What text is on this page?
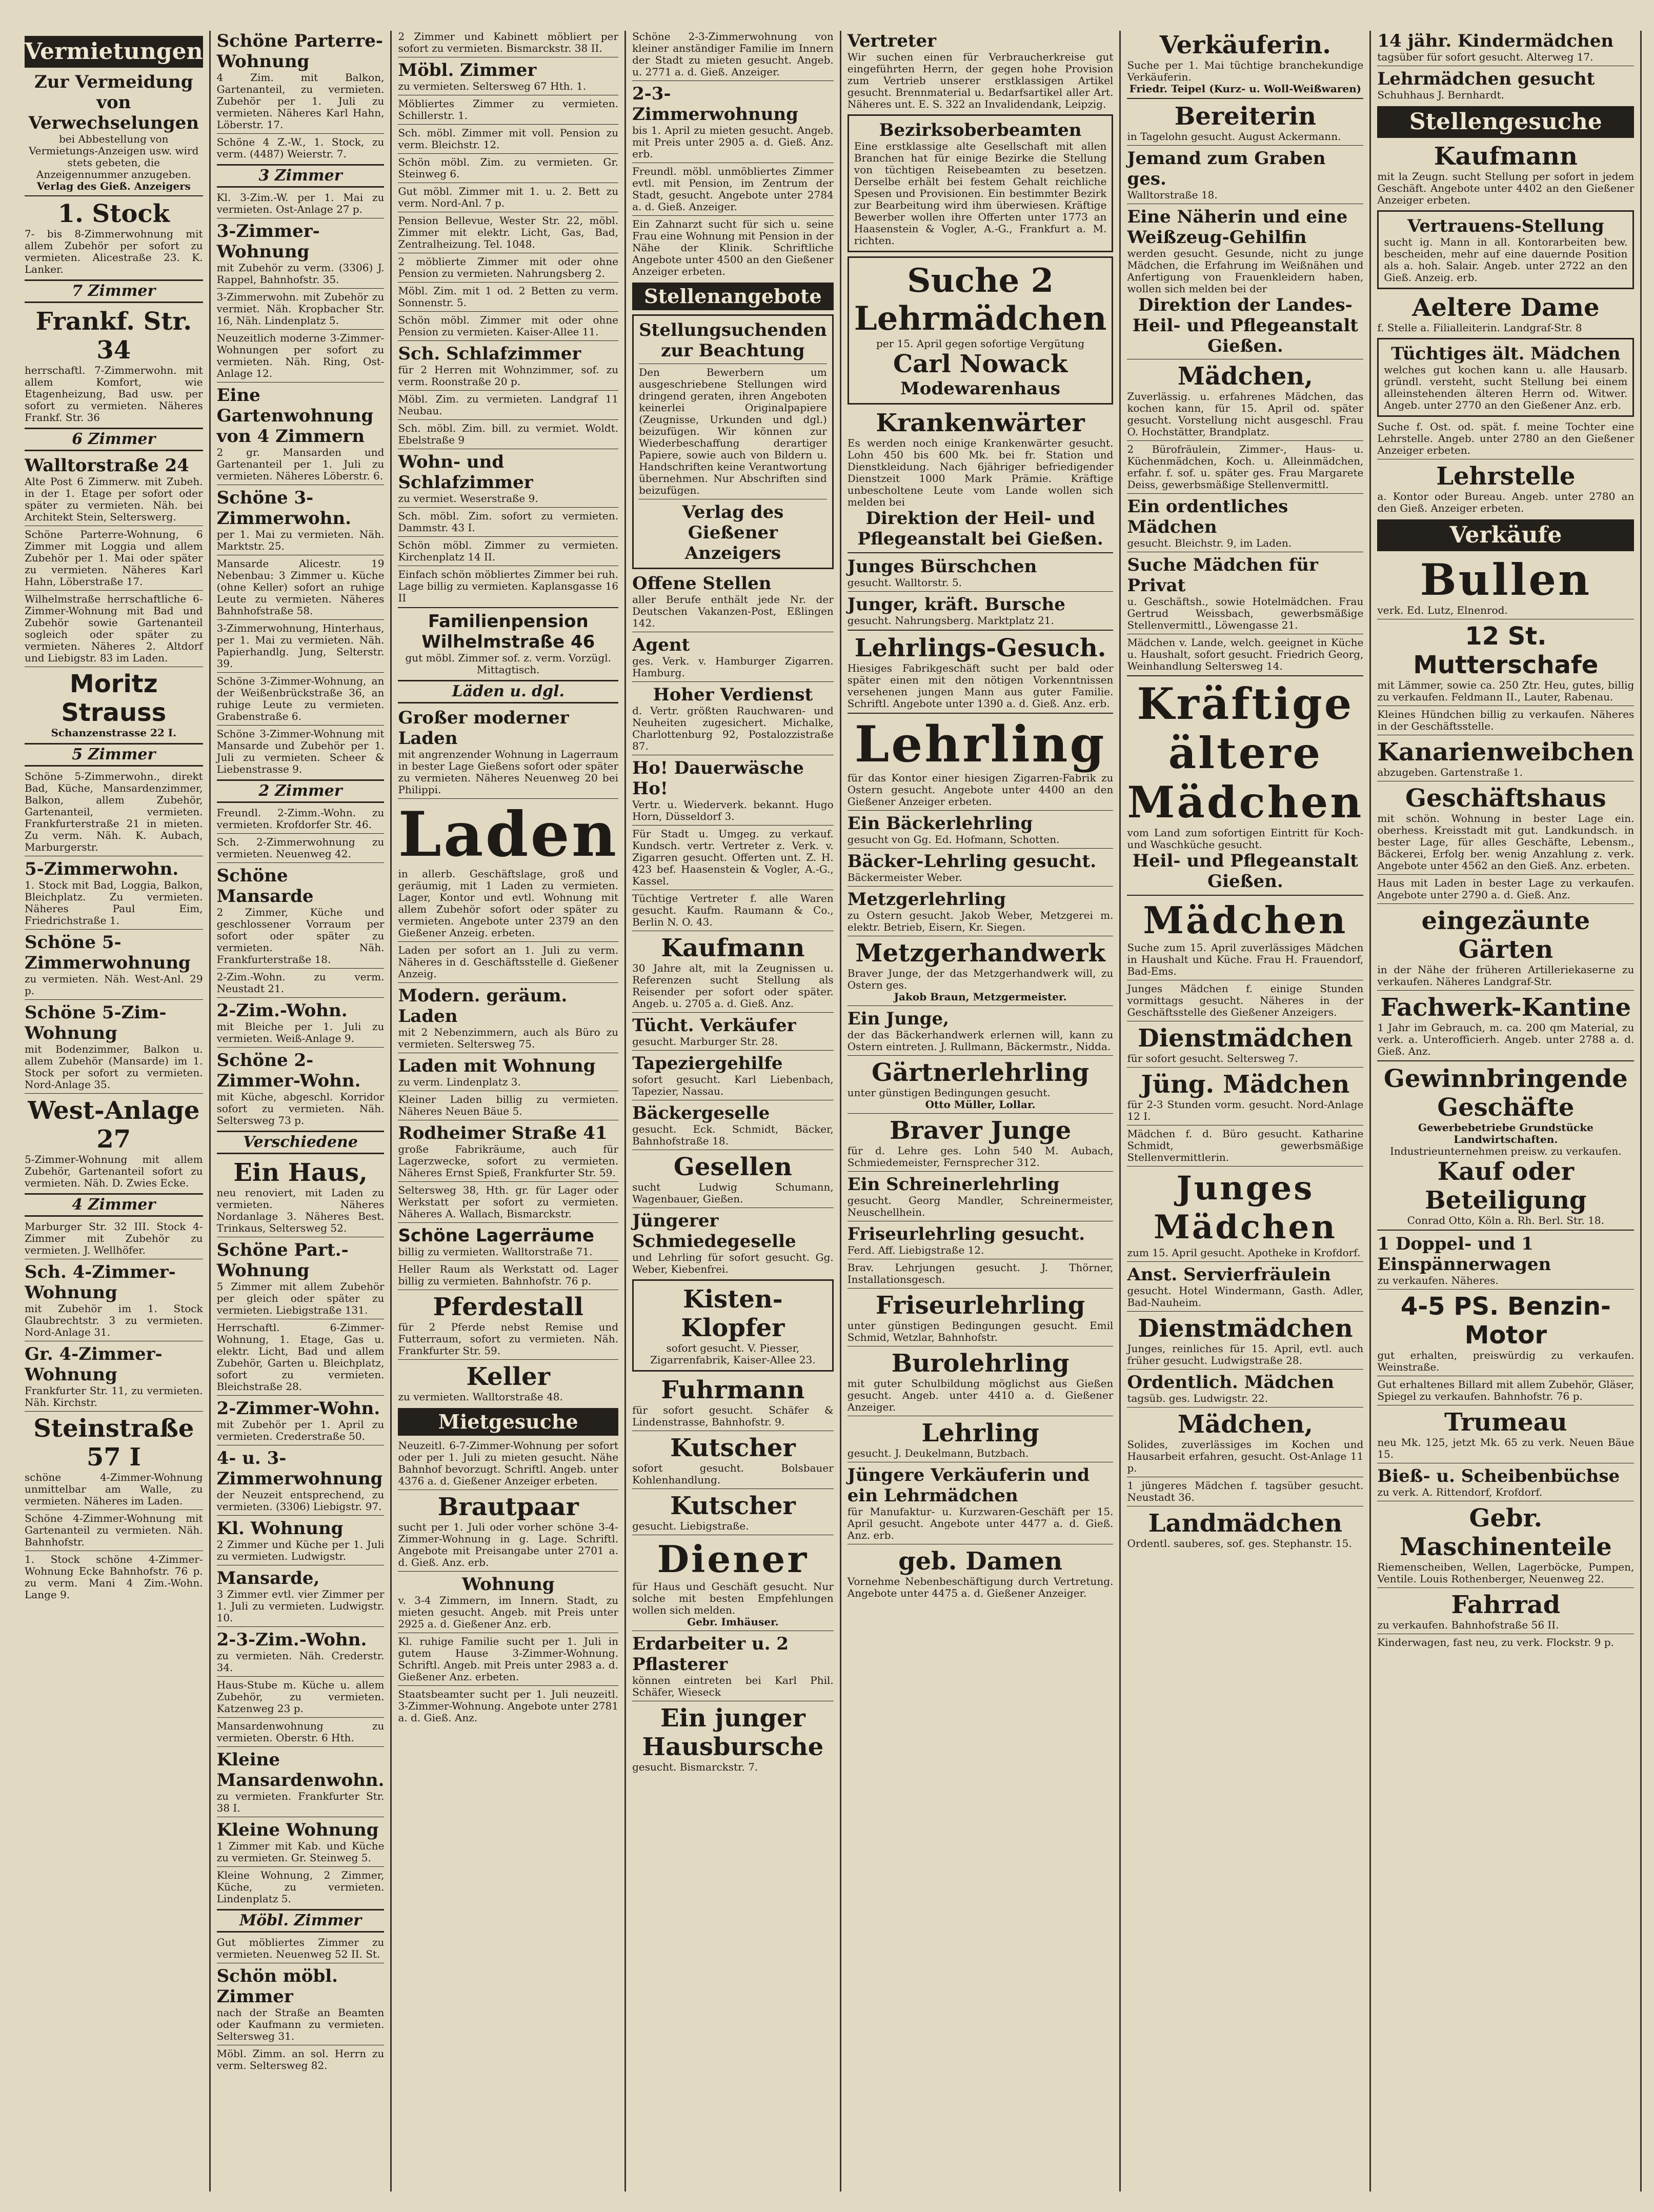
Vermietungen
Zur Vermeidung von Verwechselungen
bei Abbestellung von Vermietungs-Anzeigen usw. wird stets gebeten, die Anzeigennummer anzugeben.
Verlag des Gieß. Anzeigers
1. Stock
7- bis 8-Zimmerwohnung mit allem Zubehör per sofort zu vermieten. Alicestraße 23. K. Lanker.
7 Zimmer
Frankf. Str. 34
herrschaftl. 7-Zimmerwohn. mit allem Komfort, wie Etagenheizung, Bad usw. per sofort zu vermieten. Näheres Frankf. Str. 36
6 Zimmer
Walltorstraße 24
Alte Post 6 Zimmerw. mit Zubeh. in der 1. Etage per sofort oder später zu vermieten. Näh. bei Architekt Stein, Selterswerg.
Schöne Parterre-Wohnung, 6 Zimmer mit Loggia und allem Zubehör per 1. Mai oder später zu vermieten. Näheres Karl Hahn, Löberstraße 17.
Wilhelmstraße herrschaftliche 6-Zimmer-Wohnung mit Bad und Zubehör sowie Gartenanteil sogleich oder später zu vermieten. Näheres 2. Altdorf und Liebigstr. 83 im Laden.
Moritz Strauss
Schanzenstrasse 22 I.
5 Zimmer
Schöne 5-Zimmerwohn., direkt Bad, Küche, Mansardenzimmer, Balkon, allem Zubehör, Gartenanteil, vermieten. Frankfurterstraße 21 in mieten. Zu verm. Näh. K. Aubach, Marburgerstr.
5-Zimmerwohn.
1. Stock mit Bad, Loggia, Balkon, Bleichplatz. Zu vermieten. Näheres Paul Eim, Friedrichstraße 1.
Schöne 5-Zimmerwohnung
zu vermieten. Näh. West-Anl. 29 p.
Schöne 5-Zim-Wohnung
mit Bodenzimmer, Balkon u. allem Zubehör (Mansarde) im 1. Stock per sofort zu vermieten. Nord-Anlage 35.
West-Anlage 27
5-Zimmer-Wohnung mit allem Zubehör, Gartenanteil sofort zu vermieten. Näh. D. Zwies Ecke.
4 Zimmer
Marburger Str. 32 III. Stock 4-Zimmer mit Zubehör zu vermieten. J. Wellhöfer.
Sch. 4-Zimmer-Wohnung
mit Zubehör im 1. Stock Glaubrechtstr. 3 zu vermieten. Nord-Anlage 31.
Gr. 4-Zimmer-Wohnung
Frankfurter Str. 11, zu vermieten. Näh. Kirchstr.
Steinstraße 57 I
schöne 4-Zimmer-Wohnung unmittelbar am Walle, zu vermieten. Näheres im Laden.
Schöne 4-Zimmer-Wohnung mit Gartenanteil zu vermieten. Näh. Bahnhofstr.
1. Stock schöne 4-Zimmer-Wohnung Ecke Bahnhofstr. 76 p. zu verm. Mani 4 Zim.-Wohn. Lange 9.
Schöne Parterre-Wohnung
4 Zim. mit Balkon, Gartenanteil, zu vermieten. Zubehör per 1. Juli zu vermieten. Näheres Karl Hahn, Löberstr. 17.
Schöne 4 Z.-W., 1. Stock, zu verm. (4487) Weierstr. 7.
3 Zimmer
Kl. 3-Zim.-W. per 1. Mai zu vermieten. Ost-Anlage 27 p.
3-Zimmer-Wohnung
mit Zubehör zu verm. (3306) J. Rappel, Bahnhofstr. 35.
3-Zimmerwohn. mit Zubehör zu vermiet. Näh. Kropbacher Str. 16, Näh. Lindenplatz 5.
Neuzeitlich moderne 3-Zimmer-Wohnungen per sofort zu vermieten. Näh. Ring, Ost-Anlage 12.
Eine Gartenwohnung von 4 Zimmern
2 gr. Mansarden und Gartenanteil per 1. Juli zu vermieten. Näheres Löberstr. 6.
Schöne 3-Zimmerwohn.
per 1. Mai zu vermieten. Näh. Marktstr. 25.
Mansarde Alicestr. 19 Nebenbau: 3 Zimmer u. Küche (ohne Keller) sofort an ruhige Leute zu vermieten. Näheres Bahnhofstraße 58.
3-Zimmerwohnung, Hinterhaus, per 1. Mai zu vermieten. Näh. Papierhandlg. Jung, Selterstr. 39.
Schöne 3-Zimmer-Wohnung, an der Weißenbrückstraße 36, an ruhige Leute zu vermieten. Grabenstraße 6.
Schöne 3-Zimmer-Wohnung mit Mansarde und Zubehör per 1. Juli zu vermieten. Scheer & Liebenstrasse 9.
2 Zimmer
Freundl. 2-Zimm.-Wohn. zu vermieten. Krofdorfer Str. 46.
Sch. 2-Zimmerwohnung zu vermieten. Neuenweg 42.
Schöne Mansarde
2 Zimmer, Küche und geschlossener Vorraum per sofort oder später zu vermieten. Näh. Frankfurterstraße 18.
2-Zim.-Wohn. zu verm. Neustadt 21.
2-Zim.-Wohn.
mit Bleiche per 1. Juli zu vermieten. Weiß-Anlage 9.
Schöne 2-Zimmer-Wohn.
mit Küche, abgeschl. Korridor sofort zu vermieten. Näh. Seltersweg 73 p.
Verschiedene
Ein Haus,
neu renoviert, mit Laden zu vermieten. Näheres Nordanlage 3. Näheres Best. Trinkaus, Seltersweg 52.
Schöne Part.-Wohnung
5 Zimmer mit allem Zubehör per gleich oder später zu vermieten. Liebigstraße 131.
Herrschaftl. 6-Zimmer-Wohnung, 1. Etage, Gas u. elektr. Licht, Bad und allem Zubehör, Garten u. Bleichplatz, sofort zu vermieten. Bleichstraße 28.
2-Zimmer-Wohn.
mit Zubehör per 1. April zu vermieten. Crederstraße 50.
4- u. 3-Zimmerwohnung
der Neuzeit entsprechend, zu vermieten. (3306) Liebigstr. 97.
Kl. Wohnung
2 Zimmer und Küche per 1. Juli zu vermieten. Ludwigstr.
Mansarde,
3 Zimmer evtl. vier Zimmer per 1. Juli zu vermieten. Ludwigstr. 10.
2-3-Zim.-Wohn.
zu vermieten. Näh. Crederstr. 34.
Haus-Stube m. Küche u. allem Zubehör, zu vermieten. Katzenweg 23 p.
Mansardenwohnung zu vermieten. Oberstr. 6 Hth.
Kleine Mansardenwohn.
zu vermieten. Frankfurter Str. 38 I.
Kleine Wohnung
1 Zimmer mit Kab. und Küche zu vermieten. Gr. Steinweg 5.
Kleine Wohnung, 2 Zimmer, Küche, zu vermieten. Lindenplatz 5.
Möbl. Zimmer
Gut möbliertes Zimmer zu vermieten. Neuenweg 52 II. St.
Schön möbl. Zimmer
nach der Straße an Beamten oder Kaufmann zu vermieten. Seltersweg 31.
Möbl. Zimm. an sol. Herrn zu verm. Seltersweg 82.
2 Zimmer und Kabinett möbliert per sofort zu vermieten. Bismarckstr. 38 II.
Möbl. Zimmer
zu vermieten. Seltersweg 67 Hth. 1.
Möbliertes Zimmer zu vermieten. Schillerstr. 1.
Sch. möbl. Zimmer mit voll. Pension zu verm. Bleichstr. 12.
Schön möbl. Zim. zu vermieten. Gr. Steinweg 6.
Gut möbl. Zimmer mit 1. u. 2. Bett zu verm. Nord-Anl. 7 p.
Pension Bellevue, Wester Str. 22, möbl. Zimmer mit elektr. Licht, Gas, Bad, Zentralheizung. Tel. 1048.
2 möblierte Zimmer mit oder ohne Pension zu vermieten. Nahrungsberg 2.
Möbl. Zim. mit 1 od. 2 Betten zu verm. Sonnenstr. 5.
Schön möbl. Zimmer mit oder ohne Pension zu vermieten. Kaiser-Allee 11.
Sch. Schlafzimmer
für 2 Herren mit Wohnzimmer, sof. zu verm. Roonstraße 20 p.
Möbl. Zim. zu vermieten. Landgraf 11 Neubau.
Sch. möbl. Zim. bill. zu vermiet. Woldt. Ebelstraße 9
Wohn- und Schlafzimmer
zu vermiet. Weserstraße 9.
Sch. möbl. Zim. sofort zu vermieten. Dammstr. 43 I.
Schön möbl. Zimmer zu vermieten. Kirchenplatz 14 II.
Einfach schön möbliertes Zimmer bei ruh. Lage billig zu vermieten. Kaplansgasse 16 II
Familienpension Wilhelmstraße 46
gut möbl. Zimmer sof. z. verm. Vorzügl. Mittagtisch.
Läden u. dgl.
Großer moderner Laden
mit angrenzender Wohnung in Lagerraum in bester Lage Gießens sofort oder später zu vermieten. Näheres Neuenweg 20 bei Philippi.
Laden
in allerb. Geschäftslage, groß und geräumig, mit 1 Laden zu vermieten. Lager, Kontor und evtl. Wohnung mit allem Zubehör sofort oder später zu vermieten. Angebote unter 2379 an den Gießener Anzeig. erbeten.
Laden per sofort an 1. Juli zu verm. Näheres in d. Geschäftsstelle d. Gießener Anzeig.
Modern. geräum. Laden
mit 2 Nebenzimmern, auch als Büro zu vermieten. Seltersweg 75.
Laden mit Wohnung
zu verm. Lindenplatz 3.
Kleiner Laden billig zu vermieten. Näheres Neuen Bäue 5.
Rodheimer Straße 41
große Fabrikräume, auch für Lagerzwecke, sofort zu vermieten. Näheres Ernst Spieß, Frankfurter Str. 59.
Seltersweg 38, Hth. gr. für Lager oder Werkstatt per sofort zu vermieten. Näheres A. Wallach, Bismarckstr.
Schöne Lagerräume
billig zu vermieten. Walltorstraße 71.
Heller Raum als Werkstatt od. Lager billig zu vermieten. Bahnhofstr. 76 p.
Pferdestall
für 2 Pferde nebst Remise und Futterraum, sofort zu vermieten. Näh. Frankfurter Str. 59.
Keller
zu vermieten. Walltorstraße 48.
Mietgesuche
Neuzeitl. 6-7-Zimmer-Wohnung per sofort oder per 1. Juli zu mieten gesucht. Nähe Bahnhof bevorzugt. Schriftl. Angeb. unter 4376 a. d. Gießener Anzeiger erbeten.
Brautpaar
sucht per 1. Juli oder vorher schöne 3-4-Zimmer-Wohnung in g. Lage. Schriftl. Angebote mit Preisangabe unter 2701 a. d. Gieß. Anz. erb.
Wohnung
v. 3-4 Zimmern, im Innern. Stadt, zu mieten gesucht. Angeb. mit Preis unter 2925 a. d. Gießener Anz. erb.
Kl. ruhige Familie sucht per 1. Juli in gutem Hause 3-Zimmer-Wohnung. Schriftl. Angeb. mit Preis unter 2983 a. d. Gießener Anz. erbeten.
Staatsbeamter sucht per 1. Juli neuzeitl. 3-Zimmer-Wohnung. Angebote unter 2781 a. d. Gieß. Anz.
Schöne 2-3-Zimmerwohnung von kleiner anständiger Familie im Innern der Stadt zu mieten gesucht. Angeb. u. 2771 a. d. Gieß. Anzeiger.
2-3-Zimmerwohnung
bis 1. April zu mieten gesucht. Angeb. mit Preis unter 2905 a. d. Gieß. Anz. erb.
Freundl. möbl. unmöbliertes Zimmer evtl. mit Pension, im Zentrum der Stadt, gesucht. Angebote unter 2784 a. d. Gieß. Anzeiger.
Ein Zahnarzt sucht für sich u. seine Frau eine Wohnung mit Pension in der Nähe der Klinik. Schriftliche Angebote unter 4500 an den Gießener Anzeiger erbeten.
Stellenangebote
Stellungsuchenden zur Beachtung
Den Bewerbern um ausgeschriebene Stellungen wird dringend geraten, ihren Angeboten keinerlei Originalpapiere (Zeugnisse, Urkunden und dgl.) beizufügen. Wir können zur Wiederbeschaffung derartiger Papiere, sowie auch von Bildern u. Handschriften keine Verantwortung übernehmen. Nur Abschriften sind beizufügen.
Verlag des Gießener Anzeigers
Offene Stellen
aller Berufe enthält jede Nr. der Deutschen Vakanzen-Post, Eßlingen 142.
Agent
ges. Verk. v. Hamburger Zigarren. Hamburg.
Hoher Verdienst
d. Vertr. größten Rauchwaren- und Neuheiten zugesichert. Michalke, Charlottenburg 92, Postalozzistraße 87.
Ho! Dauerwäsche Ho!
Vertr. u. Wiederverk. bekannt. Hugo Horn, Düsseldorf 3.
Für Stadt u. Umgeg. zu verkauf. Kundsch. vertr. Vertreter z. Verk. v. Zigarren gesucht. Offerten unt. Z. H. 423 bef. Haasenstein & Vogler, A.-G., Kassel.
Tüchtige Vertreter f. alle Waren gesucht. Kaufm. Raumann & Co., Berlin N. O. 43.
Kaufmann
30 Jahre alt, mit la Zeugnissen u. Referenzen sucht Stellung als Reisender per sofort oder später. Angeb. u. 2705 a. d. Gieß. Anz.
Tücht. Verkäufer
gesucht. Marburger Str. 28.
Tapeziergehilfe
sofort gesucht. Karl Liebenbach, Tapezier, Nassau.
Bäckergeselle
gesucht. Eck. Schmidt, Bäcker, Bahnhofstraße 18.
Gesellen
sucht Ludwig Schumann, Wagenbauer, Gießen.
Jüngerer Schmiedegeselle
und Lehrling für sofort gesucht. Gg. Weber, Kiebenfrei.
Kisten-Klopfer
sofort gesucht. V. Piesser, Zigarrenfabrik, Kaiser-Allee 23.
Fuhrmann
für sofort gesucht. Schäfer & Lindenstrasse, Bahnhofstr. 9.
Kutscher
sofort gesucht. Bolsbauer Kohlenhandlung.
Kutscher
gesucht. Liebigstraße.
Diener
für Haus und Geschäft gesucht. Nur solche mit besten Empfehlungen wollen sich melden.
Gebr. Imhäuser.
Erdarbeiter u. 2 Pflasterer
können eintreten bei Karl Phil. Schäfer, Wieseck
Ein junger Hausbursche
gesucht. Bismarckstr. 7.
Vertreter
Wir suchen einen für Verbraucherkreise gut eingeführten Herrn, der gegen hohe Provision zum Vertrieb unserer erstklassigen Artikel gesucht. Brennmaterial u. Bedarfsartikel aller Art. Näheres unt. E. S. 322 an Invalidendank, Leipzig.
Bezirksoberbeamten
Eine erstklassige alte Gesellschaft mit allen Branchen hat für einige Bezirke die Stellung von tüchtigen Reisebeamten zu besetzen. Derselbe erhält bei festem Gehalt reichliche Spesen und Provisionen. Ein bestimmter Bezirk zur Bearbeitung wird ihm überwiesen. Kräftige Bewerber wollen ihre Offerten unter 1773 an Haasenstein & Vogler, A.-G., Frankfurt a. M. richten.
Suche 2 Lehrmädchen
per 15. April gegen sofortige Vergütung
Carl Nowack
Modewarenhaus
Krankenwärter
Es werden noch einige Krankenwärter gesucht. Lohn 450 bis 600 Mk. bei fr. Station und Dienstkleidung. Nach 6jähriger befriedigender Dienstzeit 1000 Mark Prämie. Kräftige unbescholtene Leute vom Lande wollen sich melden bei
Direktion der Heil- und Pflegeanstalt bei Gießen.
Junges Bürschchen
gesucht. Walltorstr. 5.
Junger, kräft. Bursche
gesucht. Nahrungsberg. Marktplatz 21.
Lehrlings-Gesuch.
Hiesiges Fabrikgeschäft sucht per bald oder später einen mit den nötigen Vorkenntnissen versehenen jungen Mann aus guter Familie. Schriftl. Angebote unter 1390 a. d. Gieß. Anz. erb.
Lehrling
für das Kontor einer hiesigen Zigarren-Fabrik zu Ostern gesucht. Angebote unter 4400 an den Gießener Anzeiger erbeten.
Ein Bäckerlehrling
gesucht von Gg. Ed. Hofmann, Schotten.
Bäcker-Lehrling gesucht.
Bäckermeister Weber.
Metzgerlehrling
zu Ostern gesucht. Jakob Weber, Metzgerei m. elektr. Betrieb, Eisern, Kr. Siegen.
Metzgerhandwerk
Braver Junge, der das Metzgerhandwerk will, zu Ostern ges.
Jakob Braun, Metzgermeister.
Ein Junge,
der das Bäckerhandwerk erlernen will, kann zu Ostern eintreten. J. Rullmann, Bäckermstr., Nidda.
Gärtnerlehrling
unter günstigen Bedingungen gesucht.
Otto Müller, Lollar.
Braver Junge
für d. Lehre ges. Lohn 540 M. Aubach, Schmiedemeister, Fernsprecher 312.
Ein Schreinerlehrling
gesucht. Georg Mandler, Schreinermeister, Neuschellhein.
Friseurlehrling gesucht.
Ferd. Aff. Liebigstraße 12.
Brav. Lehrjungen gesucht. J. Thörner, Installationsgesch.
Friseurlehrling
unter günstigen Bedingungen gesucht. Emil Schmid, Wetzlar, Bahnhofstr.
Burolehrling
mit guter Schulbildung möglichst aus Gießen gesucht. Angeb. unter 4410 a. d. Gießener Anzeiger.
Lehrling
gesucht. J. Deukelmann, Butzbach.
Jüngere Verkäuferin und ein Lehrmädchen
für Manufaktur- u. Kurzwaren-Geschäft per 15. April gesucht. Angebote unter 4477 a. d. Gieß. Anz. erb.
geb. Damen
Vornehme Nebenbeschäftigung durch Vertretung. Angebote unter 4475 a. d. Gießener Anzeiger.
Verkäuferin.
Suche per 1. Mai tüchtige branchekundige Verkäuferin.
Friedr. Teipel (Kurz- u. Woll-Weißwaren)
Bereiterin
in Tagelohn gesucht. August Ackermann.
Jemand zum Graben ges.
Walltorstraße 18.
Eine Näherin und eine Weißzeug-Gehilfin
werden gesucht. Gesunde, nicht zu junge Mädchen, die Erfahrung im Weißnähen und Anfertigung von Frauenkleidern haben, wollen sich melden bei der
Direktion der Landes-Heil- und Pflegeanstalt Gießen.
Mädchen,
Zuverlässig. u. erfahrenes Mädchen, das kochen kann, für 15. April od. später gesucht. Vorstellung nicht ausgeschl. Frau O. Hochstätter, Brandplatz.
2 Bürofräulein, Zimmer-, Haus- u. Küchenmädchen, Koch. u. Alleinmädchen, erfahr. f. sof. u. später ges. Frau Margarete Deiss, gewerbsmäßige Stellenvermittl.
Ein ordentliches Mädchen
gesucht. Bleichstr. 9, im Laden.
Suche Mädchen für Privat
u. Geschäftsh., sowie Hotelmädchen. Frau Gertrud Weissbach, gewerbsmäßige Stellenvermittl., Löwengasse 21.
Mädchen v. Lande, welch. geeignet in Küche u. Haushalt, sofort gesucht. Friedrich Georg, Weinhandlung Seltersweg 14.
Kräftige ältere Mädchen
vom Land zum sofortigen Eintritt für Koch- und Waschküche gesucht.
Heil- und Pflegeanstalt Gießen.
Mädchen
Suche zum 15. April zuverlässiges Mädchen in Haushalt und Küche. Frau H. Frauendorf, Bad-Ems.
Junges Mädchen f. einige Stunden vormittags gesucht. Näheres in der Geschäftsstelle des Gießener Anzeigers.
Dienstmädchen
für sofort gesucht. Seltersweg 7.
Jüng. Mädchen
für 2-3 Stunden vorm. gesucht. Nord-Anlage 12 I.
Mädchen f. d. Büro gesucht. Katharine Schmidt, gewerbsmäßige Stellenvermittlerin.
Junges Mädchen
zum 15. April gesucht. Apotheke in Krofdorf.
Anst. Servierfräulein
gesucht. Hotel Windermann, Gasth. Adler, Bad-Nauheim.
Dienstmädchen
Junges, reinliches für 15. April, evtl. auch früher gesucht. Ludwigstraße 28.
Ordentlich. Mädchen
tagsüb. ges. Ludwigstr. 22.
Mädchen,
Solides, zuverlässiges im Kochen und Hausarbeit erfahren, gesucht. Ost-Anlage 11 p.
1 jüngeres Mädchen f. tagsüber gesucht. Neustadt 36.
Landmädchen
Ordentl. sauberes, sof. ges. Stephanstr. 15.
14 jähr. Kindermädchen
tagsüber für sofort gesucht. Alterweg 17.
Lehrmädchen gesucht
Schuhhaus J. Bernhardt.
Stellengesuche
Kaufmann
mit la Zeugn. sucht Stellung per sofort in jedem Geschäft. Angebote unter 4402 an den Gießener Anzeiger erbeten.
Vertrauens-Stellung
sucht ig. Mann in all. Kontorarbeiten bew. bescheiden, mehr auf eine dauernde Position als a. hoh. Salair. Angeb. unter 2722 an den Gieß. Anzeig. erb.
Aeltere Dame
f. Stelle a. Filialleiterin. Landgraf-Str. 8
Tüchtiges ält. Mädchen
welches gut kochen kann u. alle Hausarb. gründl. versteht, sucht Stellung bei einem alleinstehenden älteren Herrn od. Witwer. Angeb. unter 2770 an den Gießener Anz. erb.
Suche f. Ost. od. spät. f. meine Tochter eine Lehrstelle. Angeb. unter 2780 an den Gießener Anzeiger erbeten.
Lehrstelle
a. Kontor oder Bureau. Angeb. unter 2780 an den Gieß. Anzeiger erbeten.
Verkäufe
Bullen
verk. Ed. Lutz, Elnenrod.
12 St. Mutterschafe
mit Lämmer, sowie ca. 250 Ztr. Heu, gutes, billig zu verkaufen. Feldmann II., Lauter, Rabenau.
Kleines Hündchen billig zu verkaufen. Näheres in der Geschäftsstelle.
Kanarienweibchen
abzugeben. Gartenstraße 1.
Geschäftshaus
mit schön. Wohnung in bester Lage ein. oberhess. Kreisstadt mit gut. Landkundsch. in bester Lage, für alles Geschäfte, Lebensm., Bäckerei, Erfolg ber. wenig Anzahlung z. verk. Angebote unter 4562 an den Gieß. Anz. erbeten.
Haus mit Laden in bester Lage zu verkaufen. Angebote unter 2790 a. d. Gieß. Anz.
eingezäunte Gärten
in der Nähe der früheren Artilleriekaserne zu verkaufen. Näheres Landgraf-Str.
Fachwerk-Kantine
1 Jahr im Gebrauch, m. ca. 200 qm Material, zu verk. a. Unterofficierh. Angeb. unter 2788 a. d. Gieß. Anz.
Gewinnbringende Geschäfte
Gewerbebetriebe Grundstücke Landwirtschaften.
Industrieunternehmen preisw. zu verkaufen.
Kauf oder Beteiligung
Conrad Otto, Köln a. Rh. Berl. Str. 18.
1 Doppel- und 1 Einspännerwagen
zu verkaufen. Näheres.
4-5 PS. Benzin-Motor
gut erhalten, preiswürdig zu verkaufen. Weinstraße.
Gut erhaltenes Billard mit allem Zubehör, Gläser, Spiegel zu verkaufen. Bahnhofstr. 76 p.
Trumeau
neu Mk. 125, jetzt Mk. 65 zu verk. Neuen Bäue 15.
Bieß- u. Scheibenbüchse
zu verk. A. Rittendorf, Krofdorf.
Gebr. Maschinenteile
Riemenscheiben, Wellen, Lagerböcke, Pumpen, Ventile. Louis Rothenberger, Neuenweg 22.
Fahrrad
zu verkaufen. Bahnhofstraße 56 II.
Kinderwagen, fast neu, zu verk. Flockstr. 9 p.
